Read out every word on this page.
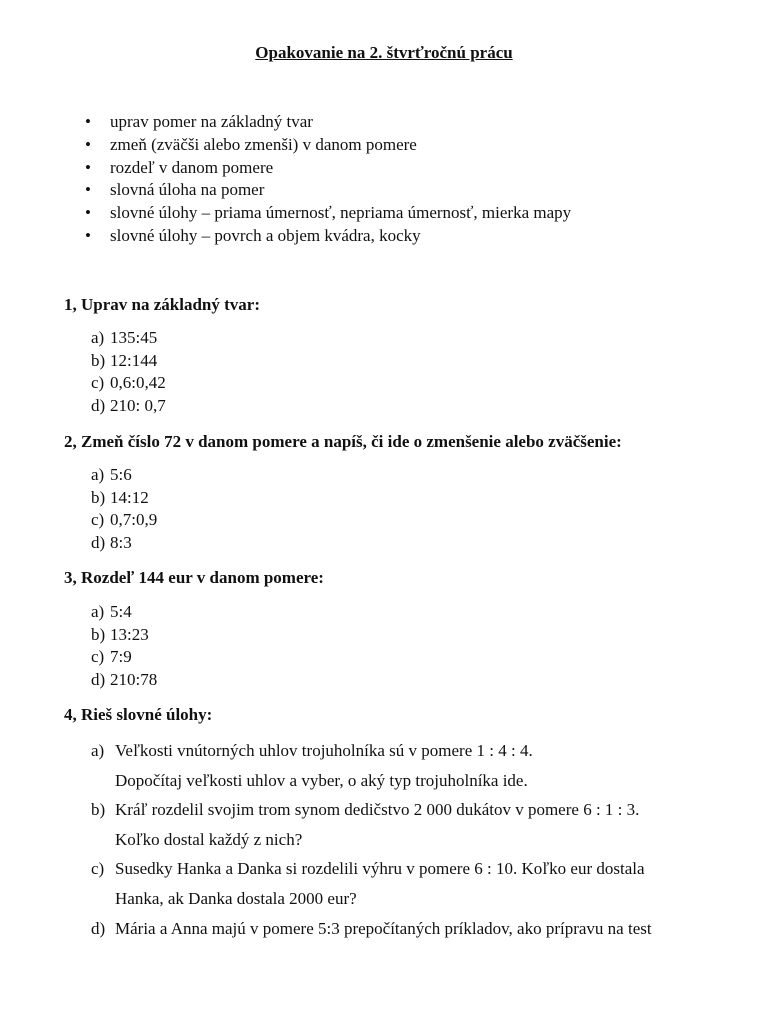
Opakovanie na 2. štvrťročnú prácu
• uprav pomer na základný tvar
• zmeň (zväčši alebo zmenši) v danom pomere
• rozdeľ v danom pomere
• slovná úloha na pomer
• slovné úlohy – priama úmernosť, nepriama úmernosť, mierka mapy
• slovné úlohy – povrch a objem kvádra, kocky
1, Uprav na základný tvar:
a) 135:45
b) 12:144
c) 0,6:0,42
d) 210: 0,7
2, Zmeň číslo 72 v danom pomere a napíš, či ide o zmenšenie alebo zväčšenie:
a) 5:6
b) 14:12
c) 0,7:0,9
d) 8:3
3, Rozdeľ 144 eur v danom pomere:
a) 5:4
b) 13:23
c) 7:9
d) 210:78
4, Rieš slovné úlohy:
a) Veľkosti vnútorných uhlov trojuholníka sú v pomere 1 : 4 : 4.
Dopočítaj veľkosti uhlov a vyber, o aký typ trojuholníka ide.
b) Kráľ rozdelil svojim trom synom dedičstvo 2 000 dukátov v pomere 6 : 1 : 3.
Koľko dostal každý z nich?
c) Susedky Hanka a Danka si rozdelili výhru v pomere 6 : 10. Koľko eur dostala
Hanka, ak Danka dostala 2000 eur?
d) Mária a Anna majú v pomere 5:3 prepočítaných príkladov, ako prípravu na test
